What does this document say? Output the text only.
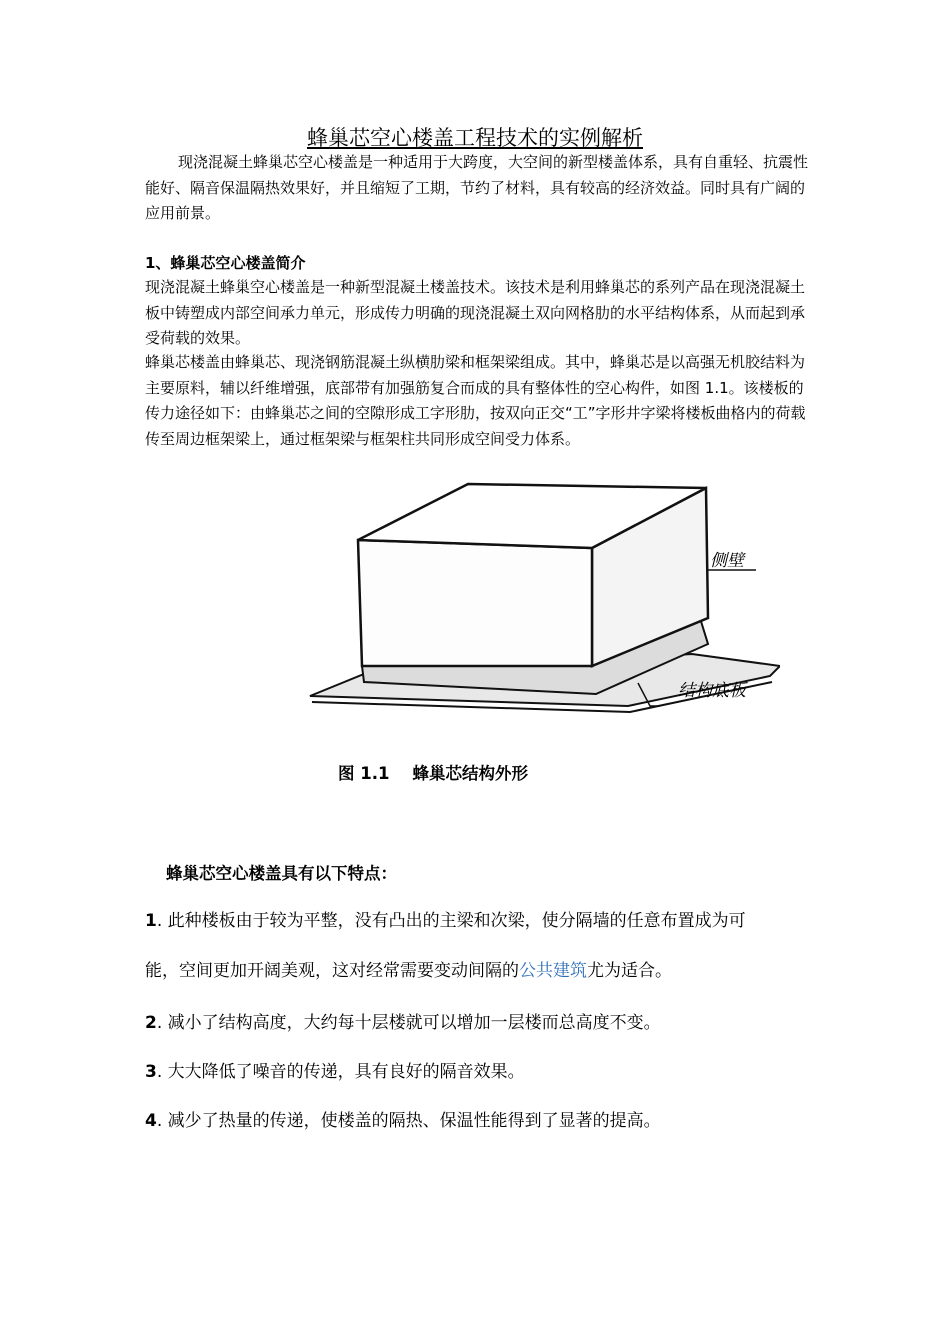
蜂巢芯空心楼盖工程技术的实例解析

现浇混凝土蜂巢芯空心楼盖是一种适用于大跨度，大空间的新型楼盖体系，具有自重轻、抗震性能好、隔音保温隔热效果好，并且缩短了工期，节约了材料，具有较高的经济效益。同时具有广阔的应用前景。

1、蜂巢芯空心楼盖简介

现浇混凝土蜂巢空心楼盖是一种新型混凝土楼盖技术。该技术是利用蜂巢芯的系列产品在现浇混凝土板中铸塑成内部空间承力单元，形成传力明确的现浇混凝土双向网格肋的水平结构体系，从而起到承受荷载的效果。

蜂巢芯楼盖由蜂巢芯、现浇钢筋混凝土纵横肋梁和框架梁组成。其中，蜂巢芯是以高强无机胶结料为主要原料，辅以纤维增强，底部带有加强筋复合而成的具有整体性的空心构件，如图 1.1。该楼板的传力途径如下：由蜂巢芯之间的空隙形成工字形肋，按双向正交“工”字形井字梁将楼板曲格内的荷载传至周边框架梁上，通过框架梁与框架柱共同形成空间受力体系。

侧壁
结构底板
图 1.1    蜂巢芯结构外形
蜂巢芯空心楼盖具有以下特点：

1. 此种楼板由于较为平整，没有凸出的主梁和次梁，使分隔墙的任意布置成为可

能，空间更加开阔美观，这对经常需要变动间隔的公共建筑尤为适合。

2. 减小了结构高度，大约每十层楼就可以增加一层楼而总高度不变。

3. 大大降低了噪音的传递，具有良好的隔音效果。

4. 减少了热量的传递，使楼盖的隔热、保温性能得到了显著的提高。
